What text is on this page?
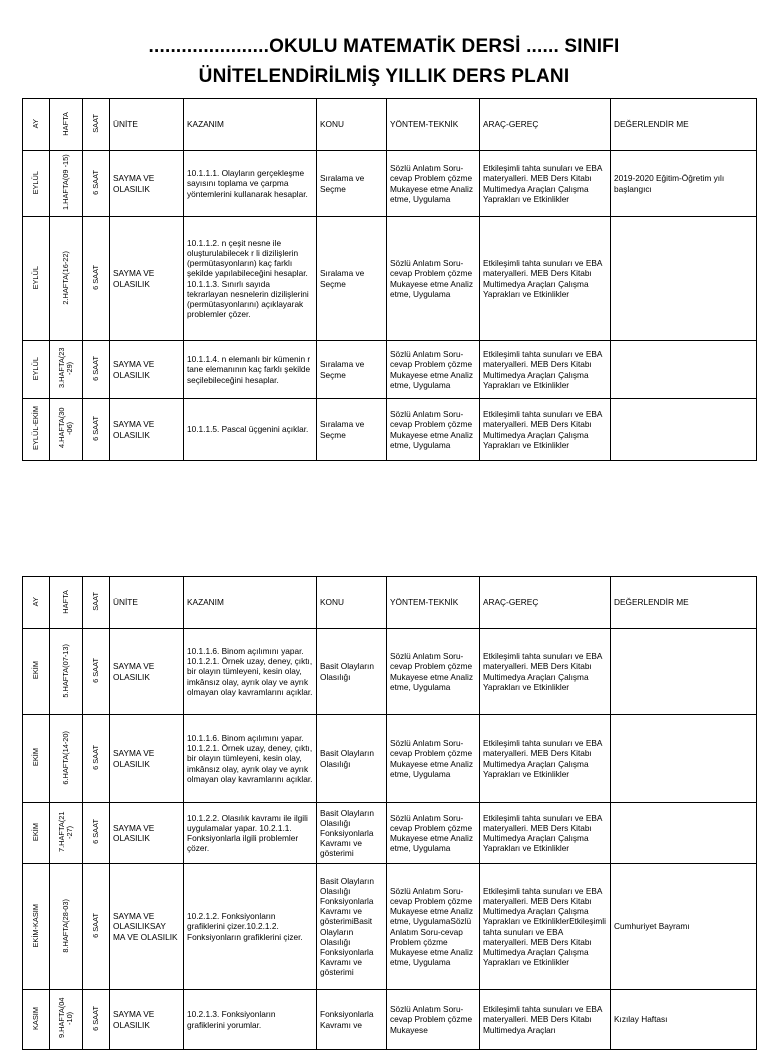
......................OKULU MATEMATİK DERSİ ...... SINIFI
ÜNİTELENDİRİLMİŞ YILLIK DERS PLANI
AY	HAFTA	SAAT	ÜNİTE	KAZANIM	KONU	YÖNTEM-TEKNİK	ARAÇ-GEREÇ	DEĞERLENDİR ME
EYLÜL	1.HAFTA(09 -15)	6 SAAT	SAYMA VE OLASILIK	10.1.1.1. Olayların gerçekleşme sayısını toplama ve çarpma yöntemlerini kullanarak hesaplar.	Sıralama ve Seçme	Sözlü Anlatım Soru-cevap Problem çözme Mukayese etme Analiz etme, Uygulama	Etkileşimli tahta sunuları ve EBA materyalleri. MEB Ders Kitabı Multimedya Araçları Çalışma Yaprakları ve Etkinlikler	2019-2020 Eğitim-Öğretim yılı başlangıcı
EYLÜL	2.HAFTA(16-22)	6 SAAT	SAYMA VE OLASILIK	10.1.1.2. n çeşit nesne ile oluşturulabilecek r li dizilişlerin (permütasyonların) kaç farklı şekilde yapılabileceğini hesaplar. 10.1.1.3. Sınırlı sayıda tekrarlayan nesnelerin dizilişlerini (permütasyonlarını) açıklayarak problemler çözer.	Sıralama ve Seçme	Sözlü Anlatım Soru-cevap Problem çözme Mukayese etme Analiz etme, Uygulama	Etkileşimli tahta sunuları ve EBA materyalleri. MEB Ders Kitabı Multimedya Araçları Çalışma Yaprakları ve Etkinlikler	
EYLÜL	3.HAFTA(23 -29)	6 SAAT	SAYMA VE OLASILIK	10.1.1.4. n elemanlı bir kümenin r tane elemanının kaç farklı şekilde seçilebileceğini hesaplar.	Sıralama ve Seçme	Sözlü Anlatım Soru-cevap Problem çözme Mukayese etme Analiz etme, Uygulama	Etkileşimli tahta sunuları ve EBA materyalleri. MEB Ders Kitabı Multimedya Araçları Çalışma Yaprakları ve Etkinlikler	
EYLÜL-EKİM	4.HAFTA(30 -06)	6 SAAT	SAYMA VE OLASILIK	10.1.1.5. Pascal üçgenini açıklar.	Sıralama ve Seçme	Sözlü Anlatım Soru-cevap Problem çözme Mukayese etme Analiz etme, Uygulama	Etkileşimli tahta sunuları ve EBA materyalleri. MEB Ders Kitabı Multimedya Araçları Çalışma Yaprakları ve Etkinlikler	
AY	HAFTA	SAAT	ÜNİTE	KAZANIM	KONU	YÖNTEM-TEKNİK	ARAÇ-GEREÇ	DEĞERLENDİR ME
EKİM	5.HAFTA(07-13)	6 SAAT	SAYMA VE OLASILIK	10.1.1.6. Binom açılımını yapar. 10.1.2.1. Örnek uzay, deney, çıktı, bir olayın tümleyeni, kesin olay, imkânsız olay, ayrık olay ve ayrık olmayan olay kavramlarını açıklar.	Basit Olayların Olasılığı	Sözlü Anlatım Soru-cevap Problem çözme Mukayese etme Analiz etme, Uygulama	Etkileşimli tahta sunuları ve EBA materyalleri. MEB Ders Kitabı Multimedya Araçları Çalışma Yaprakları ve Etkinlikler	
EKİM	6.HAFTA(14-20)	6 SAAT	SAYMA VE OLASILIK	10.1.1.6. Binom açılımını yapar. 10.1.2.1. Örnek uzay, deney, çıktı, bir olayın tümleyeni, kesin olay, imkânsız olay, ayrık olay ve ayrık olmayan olay kavramlarını açıklar.	Basit Olayların Olasılığı	Sözlü Anlatım Soru-cevap Problem çözme Mukayese etme Analiz etme, Uygulama	Etkileşimli tahta sunuları ve EBA materyalleri. MEB Ders Kitabı Multimedya Araçları Çalışma Yaprakları ve Etkinlikler	
EKİM	7.HAFTA(21 -27)	6 SAAT	SAYMA VE OLASILIK	10.1.2.2. Olasılık kavramı ile ilgili uygulamalar yapar. 10.2.1.1. Fonksiyonlarla ilgili problemler çözer.	Basit Olayların Olasılığı Fonksiyonlarla Kavramı ve gösterimi	Sözlü Anlatım Soru-cevap Problem çözme Mukayese etme Analiz etme, Uygulama	Etkileşimli tahta sunuları ve EBA materyalleri. MEB Ders Kitabı Multimedya Araçları Çalışma Yaprakları ve Etkinlikler	
EKİM-KASIM	8.HAFTA(28-03)	6 SAAT	SAYMA VE OLASILIKSAY MA VE OLASILIK	10.2.1.2. Fonksiyonların grafiklerini çizer.10.2.1.2. Fonksiyonların grafiklerini çizer.	Basit Olayların Olasılığı Fonksiyonlarla Kavramı ve gösterimiBasit Olayların Olasılığı Fonksiyonlarla Kavramı ve gösterimi	Sözlü Anlatım Soru-cevap Problem çözme Mukayese etme Analiz etme, UygulamaSözlü Anlatım Soru-cevap Problem çözme Mukayese etme Analiz etme, Uygulama	Etkileşimli tahta sunuları ve EBA materyalleri. MEB Ders Kitabı Multimedya Araçları Çalışma Yaprakları ve EtkinliklerEtkileşimli tahta sunuları ve EBA materyalleri. MEB Ders Kitabı Multimedya Araçları Çalışma Yaprakları ve Etkinlikler	Cumhuriyet Bayramı
KASIM	9.HAFTA(04 -10)	6 SAAT	SAYMA VE OLASILIK	10.2.1.3. Fonksiyonların grafiklerini yorumlar.	Fonksiyonlarla Kavramı ve	Sözlü Anlatım Soru-cevap Problem çözme Mukayese	Etkileşimli tahta sunuları ve EBA materyalleri. MEB Ders Kitabı Multimedya Araçları	Kızılay Haftası
